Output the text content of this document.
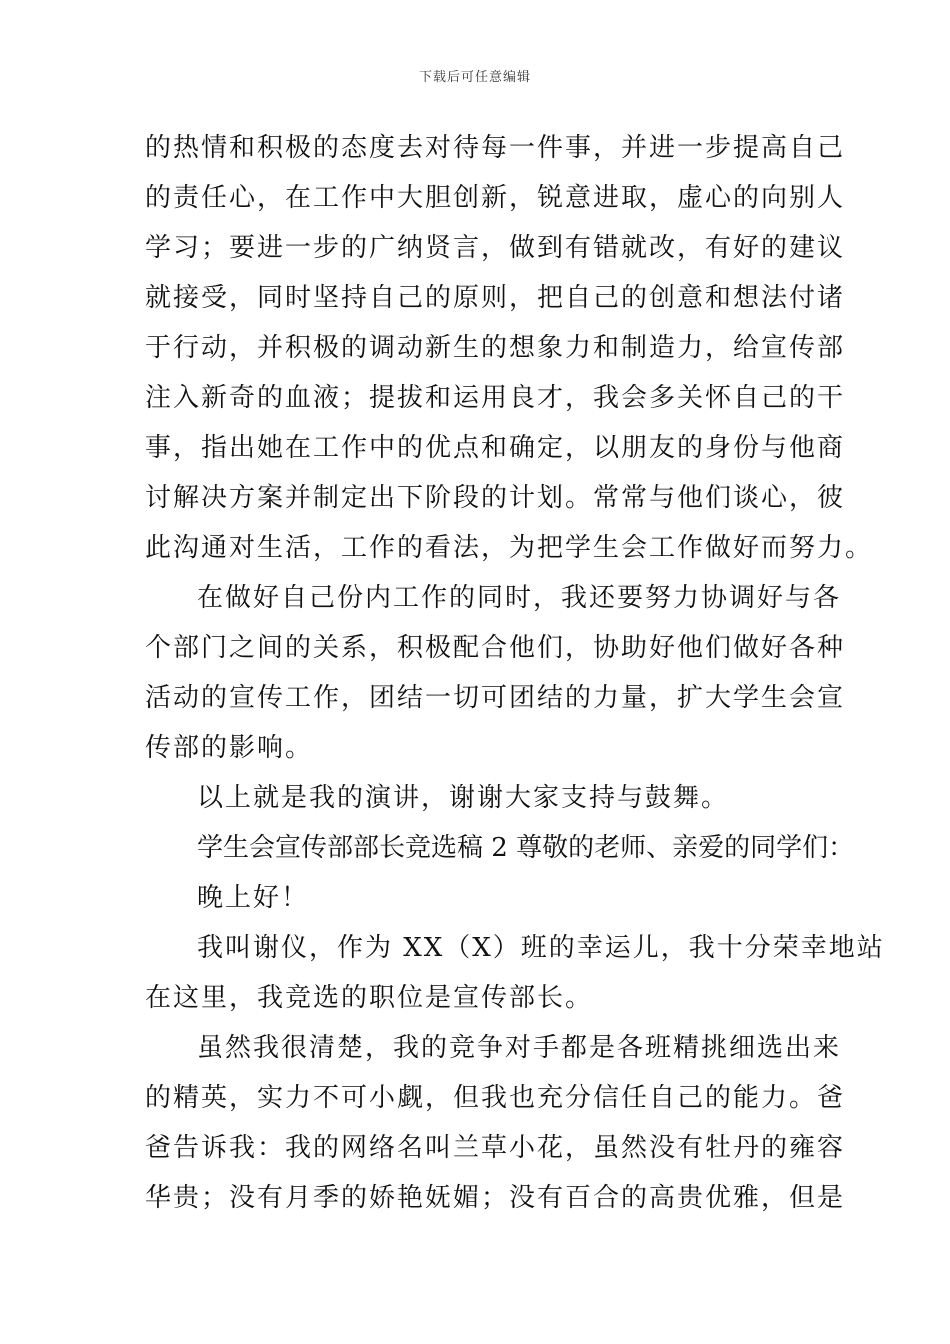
下载后可任意编辑
的热情和积极的态度去对待每一件事，并进一步提高自己
的责任心，在工作中大胆创新，锐意进取，虚心的向别人
学习；要进一步的广纳贤言，做到有错就改，有好的建议
就接受，同时坚持自己的原则，把自己的创意和想法付诸
于行动，并积极的调动新生的想象力和制造力，给宣传部
注入新奇的血液；提拔和运用良才，我会多关怀自己的干
事，指出她在工作中的优点和确定，以朋友的身份与他商
讨解决方案并制定出下阶段的计划。常常与他们谈心，彼
此沟通对生活，工作的看法，为把学生会工作做好而努力。
在做好自己份内工作的同时，我还要努力协调好与各
个部门之间的关系，积极配合他们，协助好他们做好各种
活动的宣传工作，团结一切可团结的力量，扩大学生会宣
传部的影响。
以上就是我的演讲，谢谢大家支持与鼓舞。
学生会宣传部部长竞选稿 2 尊敬的老师、亲爱的同学们：
晚上好！
我叫谢仪，作为 XX（X）班的幸运儿，我十分荣幸地站
在这里，我竞选的职位是宣传部长。
虽然我很清楚，我的竞争对手都是各班精挑细选出来
的精英，实力不可小觑，但我也充分信任自己的能力。爸
爸告诉我：我的网络名叫兰草小花，虽然没有牡丹的雍容
华贵；没有月季的娇艳妩媚；没有百合的高贵优雅，但是
